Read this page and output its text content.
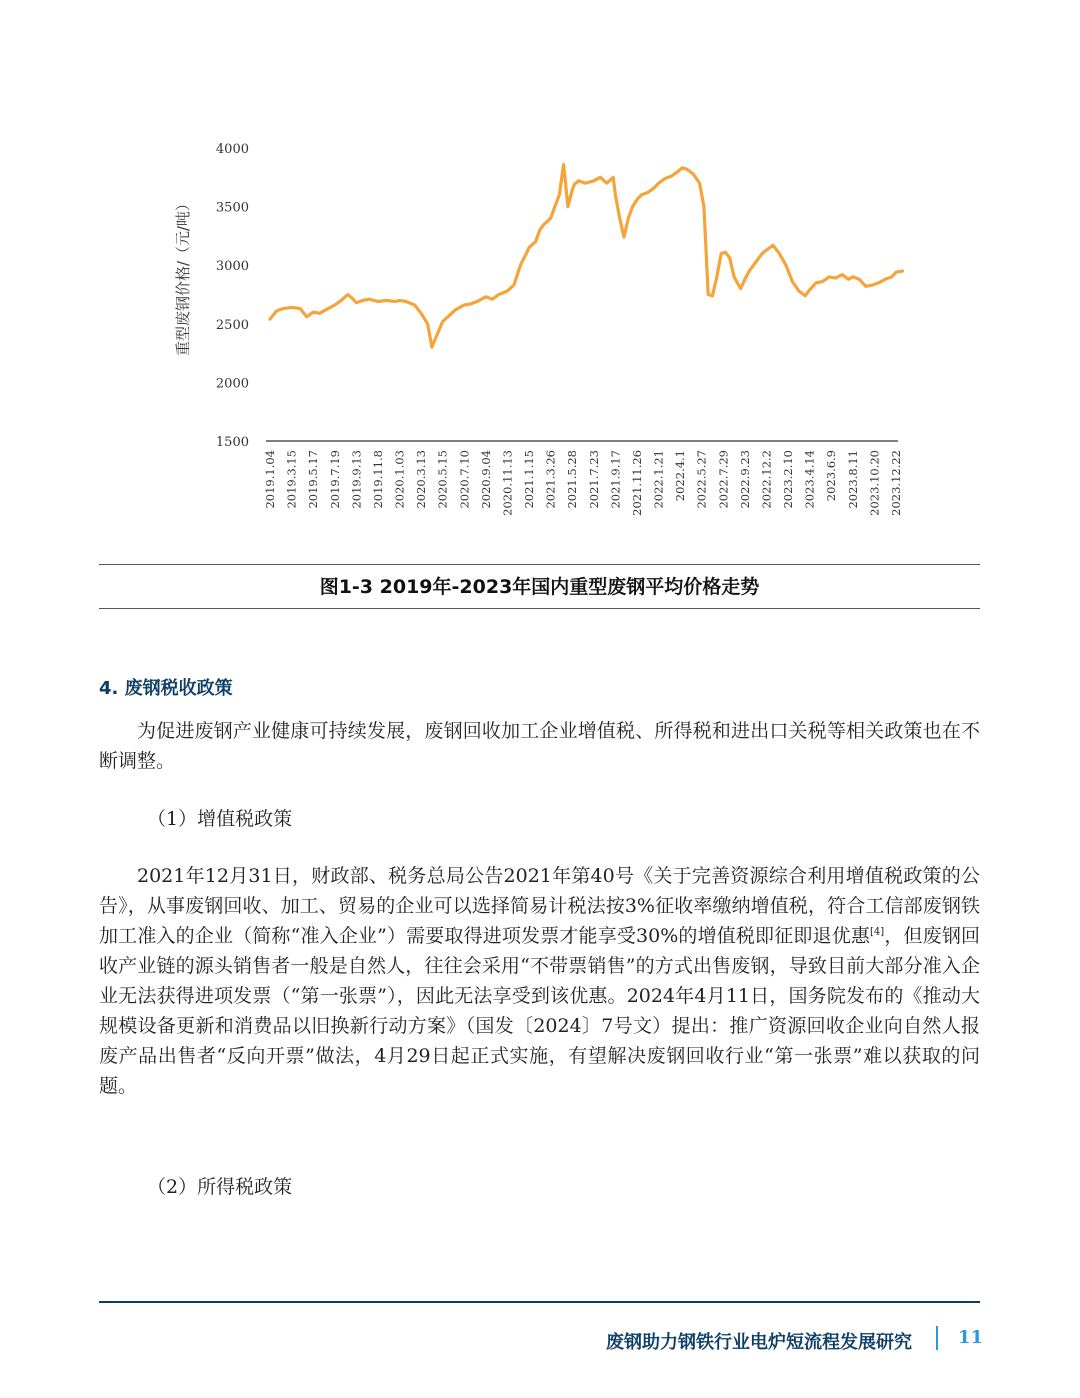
重型废钢价格/（元/吨）
1500
2000
2500
3000
3500
4000
2019.1.04 2019.3.15 2019.5.17 2019.7.19 2019.9.13 2019.11.8 2020.1.03 2020.3.13 2020.5.15 2020.7.10 2020.9.04 2020.11.13 2021.1.15 2021.3.26 2021.5.28 2021.7.23 2021.9.17 2021.11.26 2022.1.21 2022.4.1 2022.5.27 2022.7.29 2022.9.23 2022.12.2 2023.2.10 2023.4.14 2023.6.9 2023.8.11 2023.10.20 2023.12.22
图1-3 2019年-2023年国内重型废钢平均价格走势
4. 废钢税收政策

为促进废钢产业健康可持续发展，废钢回收加工企业增值税、所得税和进出口关税等相关政策也在不断调整。

（1）增值税政策

2021年12月31日，财政部、税务总局公告2021年第40号《关于完善资源综合利用增值税政策的公告》，从事废钢回收、加工、贸易的企业可以选择简易计税法按3%征收率缴纳增值税，符合工信部废钢铁加工准入的企业（简称“准入企业”）需要取得进项发票才能享受30%的增值税即征即退优惠[4]，但废钢回收产业链的源头销售者一般是自然人，往往会采用“不带票销售”的方式出售废钢，导致目前大部分准入企业无法获得进项发票（“第一张票”），因此无法享受到该优惠。2024年4月11日，国务院发布的《推动大规模设备更新和消费品以旧换新行动方案》（国发〔2024〕7号文）提出：推广资源回收企业向自然人报废产品出售者“反向开票”做法，4月29日起正式实施，有望解决废钢回收行业“第一张票”难以获取的问题。

（2）所得税政策

废钢助力钢铁行业电炉短流程发展研究	11
